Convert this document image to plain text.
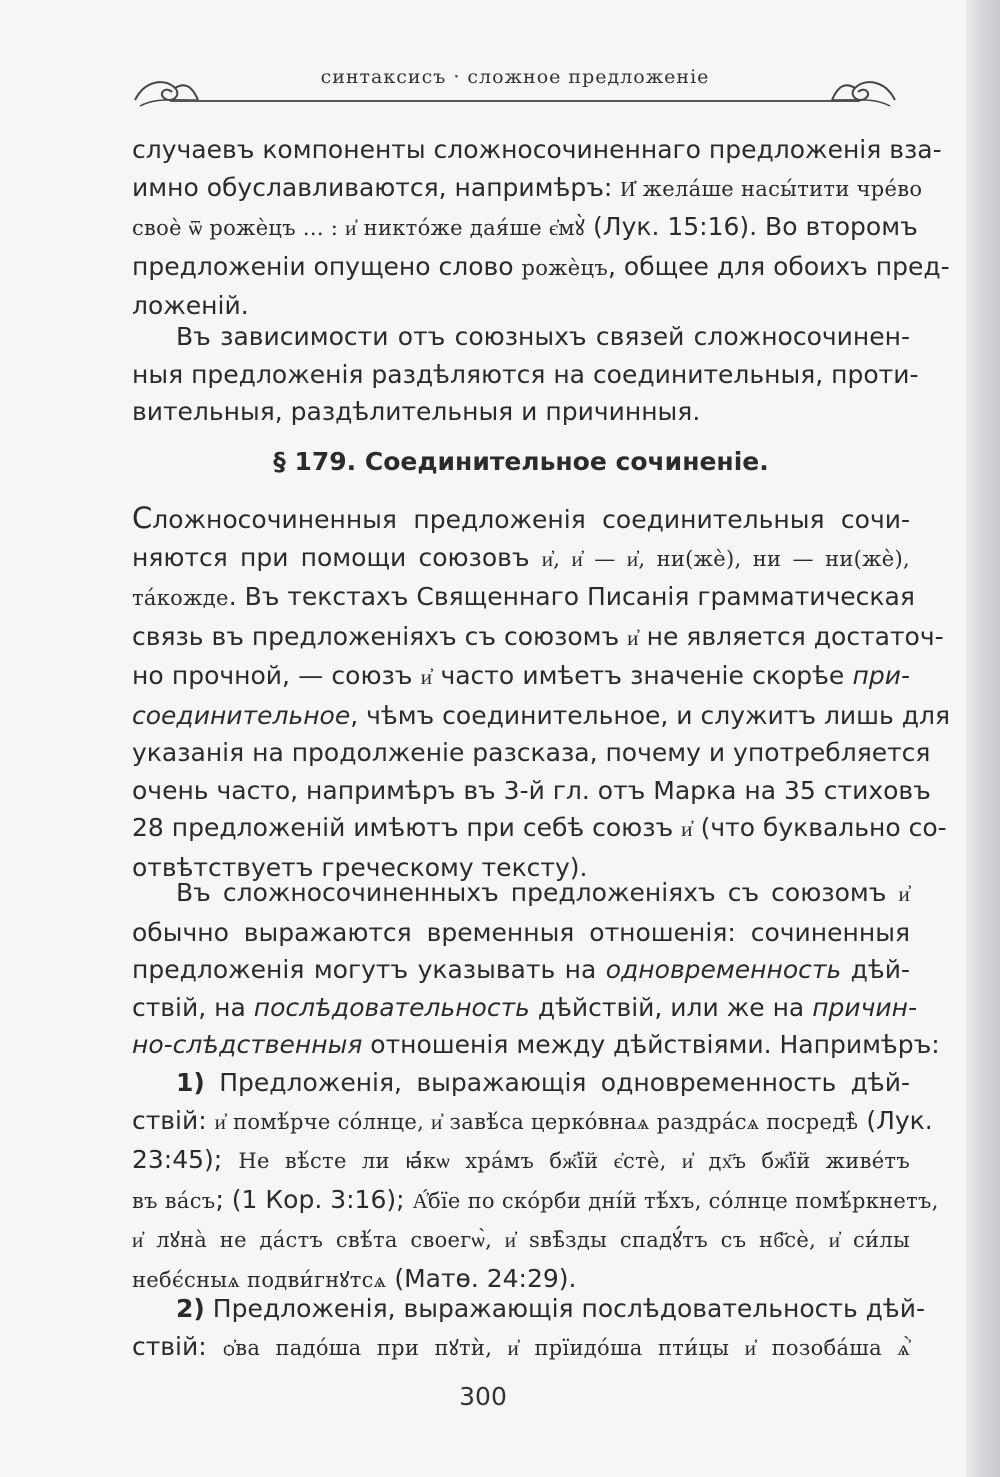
синтаксисъ · сложное предложеніе
случаевъ компоненты сложносочиненнаго предложенія вза-
имно обуславливаются, напримѣръ: И҆ жела́ше насы́тити чре́во
своѐ ѿ рожѐцъ ... : и҆ никто́же дая́ше є҆мꙋ̀ (Лук. 15:16). Во второмъ
предложеніи опущено слово рожѐцъ, общее для обоихъ пред-
ложеній.
Въ зависимости отъ союзныхъ связей сложносочинен-
ныя предложенія раздѣляются на соединительныя, проти-
вительныя, раздѣлительныя и причинныя.
§ 179. Соединительное сочиненіе.
Сложносочиненныя предложенія соединительныя сочи-
няются при помощи союзовъ и҆, и҆ — и҆, ни(жѐ), ни — ни(жѐ),
та́кожде. Въ текстахъ Священнаго Писанія грамматическая
связь въ предложеніяхъ съ союзомъ и҆ не является достаточ-
но прочной, — союзъ и҆ часто имѣетъ значеніе скорѣе при-
соединительное, чѣмъ соединительное, и служитъ лишь для
указанія на продолженіе разсказа, почему и употребляется
очень часто, напримѣръ въ 3-й гл. отъ Марка на 35 стиховъ
28 предложеній имѣютъ при себѣ союзъ и҆ (что буквально со-
отвѣтствуетъ греческому тексту).
Въ сложносочиненныхъ предложеніяхъ съ союзомъ и҆
обычно выражаются временныя отношенія: сочиненныя
предложенія могутъ указывать на одновременность дѣй-
ствій, на послѣдовательность дѣйствій, или же на причин-
но-слѣдственныя отношенія между дѣйствіями. Напримѣръ:
1) Предложенія, выражающія одновременность дѣй-
ствій: и҆ помѣ́рче со́лнце, и҆ завѣ́са церко́внаѧ раздра́сѧ посредѣ̀ (Лук.
23:45); Не вѣ́сте ли ꙗ҆́кѡ хра́мъ бж҃їй є҆стѐ, и҆ дх҃ъ бж҃їй живе́тъ
въ ва́съ; (1 Кор. 3:16); А҆́бїе по ско́рби дні́й тѣ́хъ, со́лнце помѣ́ркнетъ,
и҆ лꙋна̀ не да́стъ свѣ́та своегѡ̀, и҆ ѕвѣ̑зды спадꙋ́тъ съ нб҃сѐ, и҆ си́лы
небє́сныѧ подви́гнꙋтсѧ (Матѳ. 24:29).
2) Предложенія, выражающія послѣдовательность дѣй-
ствій: ѻ҆ва падо́ша при пꙋтѝ, и҆ прїидо́ша пти́цы и҆ позоба́ша ѧ҆̀
300
